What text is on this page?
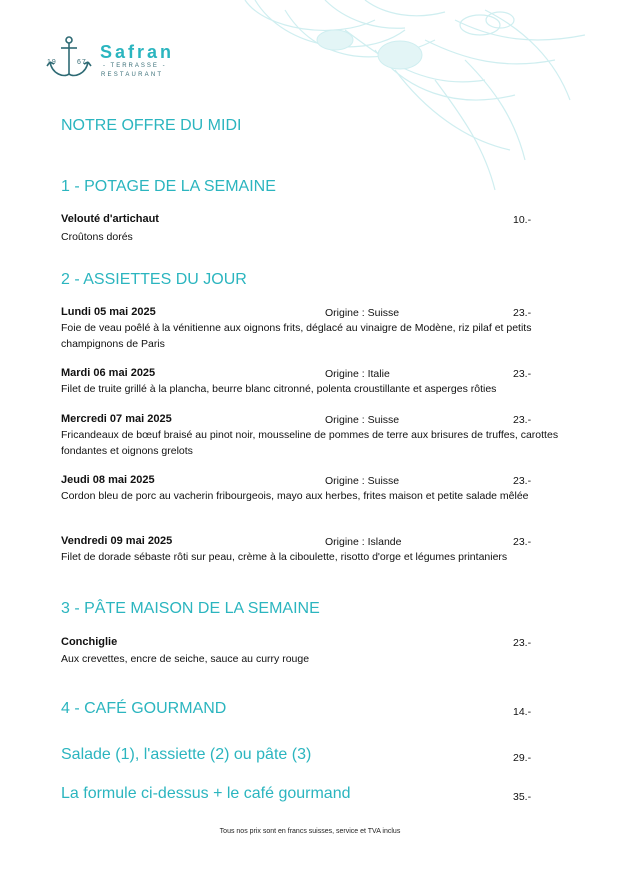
19	67
Safran
- TERRASSE -
RESTAURANT
NOTRE OFFRE DU MIDI
1 - POTAGE DE LA SEMAINE
Velouté d'artichaut	10.-
Croûtons dorés
2 - ASSIETTES DU JOUR
Lundi 05 mai 2025	Origine : Suisse	23.-
Foie de veau poêlé à la vénitienne aux oignons frits, déglacé au vinaigre de Modène, riz pilaf et petits champignons de Paris
Mardi 06 mai 2025	Origine : Italie	23.-
Filet de truite grillé à la plancha, beurre blanc citronné, polenta croustillante et asperges rôties
Mercredi 07 mai 2025	Origine : Suisse	23.-
Fricandeaux de bœuf braisé au pinot noir, mousseline de pommes de terre aux brisures de truffes, carottes fondantes et oignons grelots
Jeudi 08 mai 2025	Origine : Suisse	23.-
Cordon bleu de porc au vacherin fribourgeois, mayo aux herbes, frites maison et petite salade mêlée
Vendredi 09 mai 2025	Origine : Islande	23.-
Filet de dorade sébaste rôti sur peau, crème à la ciboulette, risotto d'orge et légumes printaniers
3 - PÂTE MAISON DE LA SEMAINE
Conchiglie	23.-
Aux crevettes, encre de seiche, sauce au curry rouge
4 - CAFÉ GOURMAND	14.-
Salade (1), l'assiette (2) ou pâte (3)	29.-
La formule ci-dessus + le café gourmand	35.-
Tous nos prix sont en francs suisses, service et TVA inclus
